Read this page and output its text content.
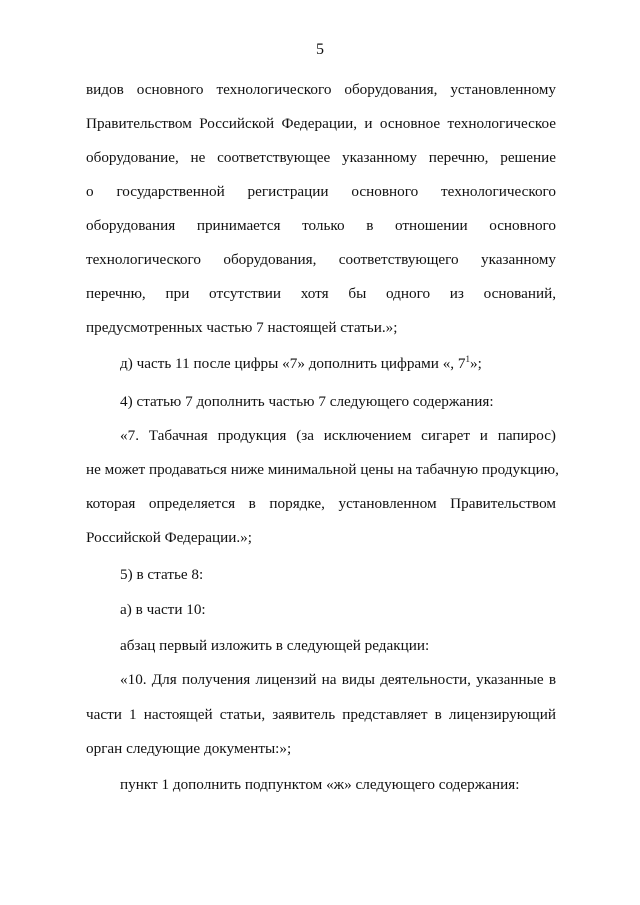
5
видов основного технологического оборудования, установленному
Правительством Российской Федерации, и основное технологическое
оборудование, не соответствующее указанному перечню, решение
о государственной регистрации основного технологического
оборудования принимается только в отношении основного
технологического оборудования, соответствующего указанному
перечню, при отсутствии хотя бы одного из оснований,
предусмотренных частью 7 настоящей статьи.»;
д) часть 11 после цифры «7» дополнить цифрами «, $7^1$»;
4) статью 7 дополнить частью 7 следующего содержания:
«7. Табачная продукция (за исключением сигарет и папирос)
не может продаваться ниже минимальной цены на табачную продукцию,
которая определяется в порядке, установленном Правительством
Российской Федерации.»;
5) в статье 8:
а) в части 10:
абзац первый изложить в следующей редакции:
«10. Для получения лицензий на виды деятельности, указанные в
части 1 настоящей статьи, заявитель представляет в лицензирующий
орган следующие документы:»;
пункт 1 дополнить подпунктом «ж» следующего содержания:
